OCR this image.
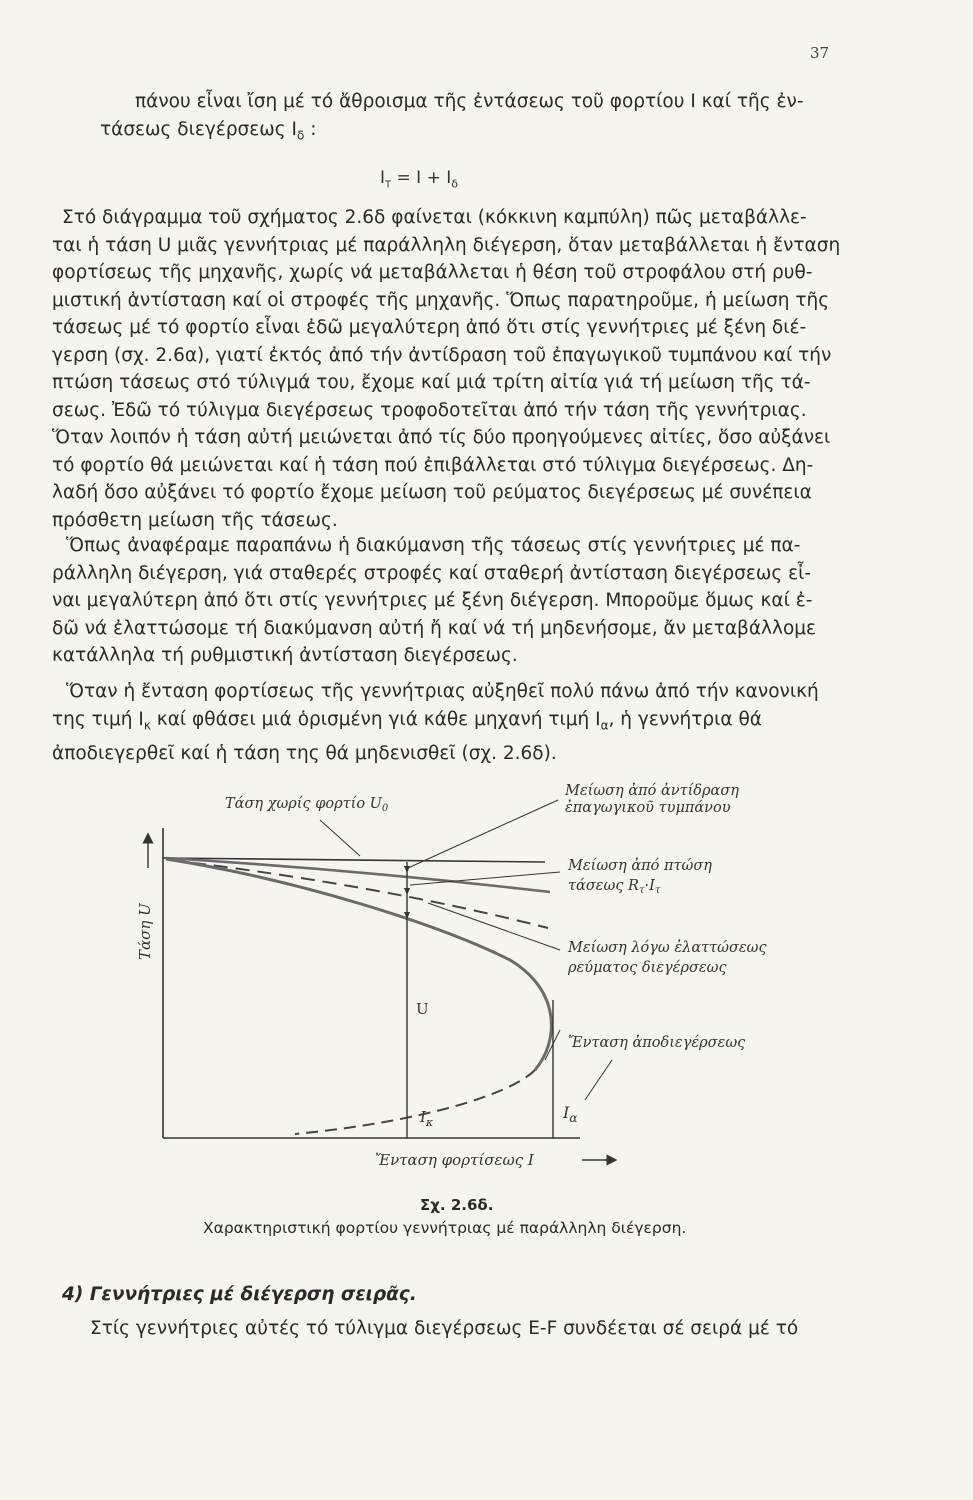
37
πάνου εἶναι ἴση μέ τό ἄθροισμα τῆς ἐντάσεως τοῦ φορτίου Ι καί τῆς ἐν-
τάσεως διεγέρσεως $I_\delta$ :
$I_T = I + I_\delta$
Στό διάγραμμα τοῦ σχήματος 2.6δ φαίνεται (κόκκινη καμπύλη) πῶς μεταβάλλε-
ται ἡ τάση U μιᾶς γεννήτριας μέ παράλληλη διέγερση, ὅταν μεταβάλλεται ἡ ἔνταση
φορτίσεως τῆς μηχανῆς, χωρίς νά μεταβάλλεται ἡ θέση τοῦ στροφάλου στή ρυθ-
μιστική ἀντίσταση καί οἱ στροφές τῆς μηχανῆς. Ὅπως παρατηροῦμε, ἡ μείωση τῆς
τάσεως μέ τό φορτίο εἶναι ἐδῶ μεγαλύτερη ἀπό ὅτι στίς γεννήτριες μέ ξένη διέ-
γερση (σχ. 2.6α), γιατί ἐκτός ἀπό τήν ἀντίδραση τοῦ ἐπαγωγικοῦ τυμπάνου καί τήν
πτώση τάσεως στό τύλιγμά του, ἔχομε καί μιά τρίτη αἰτία γιά τή μείωση τῆς τά-
σεως. Ἐδῶ τό τύλιγμα διεγέρσεως τροφοδοτεῖται ἀπό τήν τάση τῆς γεννήτριας.
Ὅταν λοιπόν ἡ τάση αὐτή μειώνεται ἀπό τίς δύο προηγούμενες αἰτίες, ὅσο αὐξάνει
τό φορτίο θά μειώνεται καί ἡ τάση πού ἐπιβάλλεται στό τύλιγμα διεγέρσεως. Δη-
λαδή ὅσο αὐξάνει τό φορτίο ἔχομε μείωση τοῦ ρεύματος διεγέρσεως μέ συνέπεια
πρόσθετη μείωση τῆς τάσεως.
Ὅπως ἀναφέραμε παραπάνω ἡ διακύμανση τῆς τάσεως στίς γεννήτριες μέ πα-
ράλληλη διέγερση, γιά σταθερές στροφές καί σταθερή ἀντίσταση διεγέρσεως εἶ-
ναι μεγαλύτερη ἀπό ὅτι στίς γεννήτριες μέ ξένη διέγερση. Μποροῦμε ὅμως καί ἐ-
δῶ νά ἐλαττώσομε τή διακύμανση αὐτή ἤ καί νά τή μηδενήσομε, ἄν μεταβάλλομε
κατάλληλα τή ρυθμιστική ἀντίσταση διεγέρσεως.
Ὅταν ἡ ἔνταση φορτίσεως τῆς γεννήτριας αὐξηθεῖ πολύ πάνω ἀπό τήν κανονική
της τιμή $I_\kappa$ καί φθάσει μιά ὁρισμένη γιά κάθε μηχανή τιμή $I_\alpha$, ἡ γεννήτρια θά
ἀποδιεγερθεῖ καί ἡ τάση της θά μηδενισθεῖ (σχ. 2.6δ).
Τάση χωρίς φορτίο $U_0$
Μείωση ἀπό ἀντίδραση
ἐπαγωγικοῦ τυμπάνου
Μείωση ἀπό πτώση
τάσεως $R_\tau\cdot I_\tau$
Μείωση λόγω ἐλαττώσεως
ρεύματος διεγέρσεως
Ἔνταση ἀποδιεγέρσεως
Τάση U
U
$I_\kappa$
$I_\alpha$
Ἔνταση φορτίσεως Ι
Σχ. 2.6δ.
Χαρακτηριστική φορτίου γεννήτριας μέ παράλληλη διέγερση.
4) Γεννήτριες μέ διέγερση σειρᾶς.
Στίς γεννήτριες αὐτές τό τύλιγμα διεγέρσεως E-F συνδέεται σέ σειρά μέ τό
